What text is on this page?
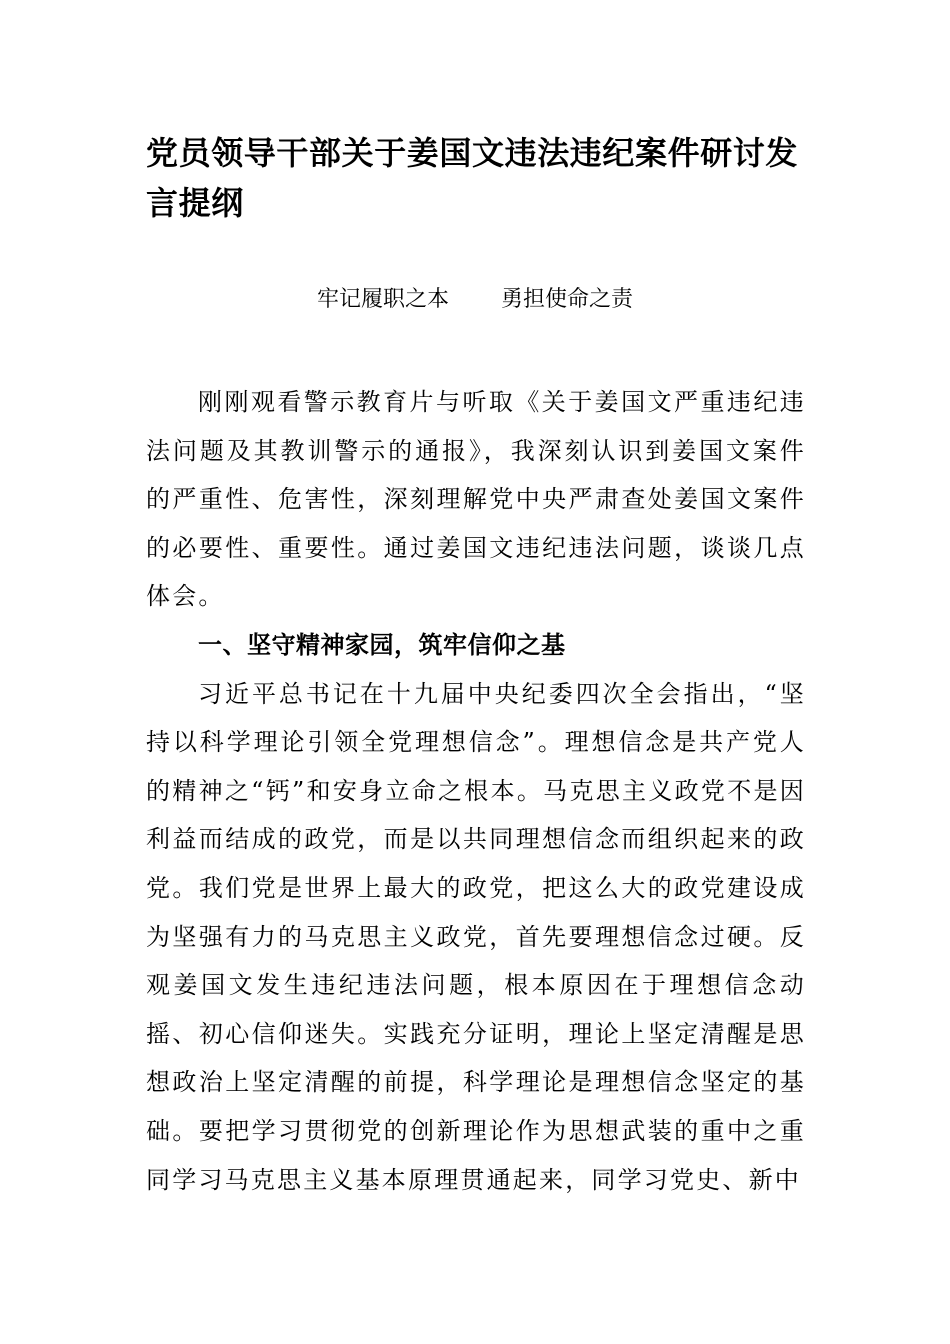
党员领导干部关于姜国文违法违纪案件研讨发言提纲
牢记履职之本 勇担使命之责

刚刚观看警示教育片与听取《关于姜国文严重违纪违法问题及其教训警示的通报》，我深刻认识到姜国文案件的严重性、危害性，深刻理解党中央严肃查处姜国文案件的必要性、重要性。通过姜国文违纪违法问题，谈谈几点体会。

一、坚守精神家园，筑牢信仰之基

习近平总书记在十九届中央纪委四次全会指出，“坚持以科学理论引领全党理想信念”。理想信念是共产党人的精神之“钙”和安身立命之根本。马克思主义政党不是因利益而结成的政党，而是以共同理想信念而组织起来的政党。我们党是世界上最大的政党，把这么大的政党建设成为坚强有力的马克思主义政党，首先要理想信念过硬。反观姜国文发生违纪违法问题，根本原因在于理想信念动摇、初心信仰迷失。实践充分证明，理论上坚定清醒是思想政治上坚定清醒的前提，科学理论是理想信念坚定的基础。要把学习贯彻党的创新理论作为思想武装的重中之重同学习马克思主义基本原理贯通起来，同学习党史、新中
